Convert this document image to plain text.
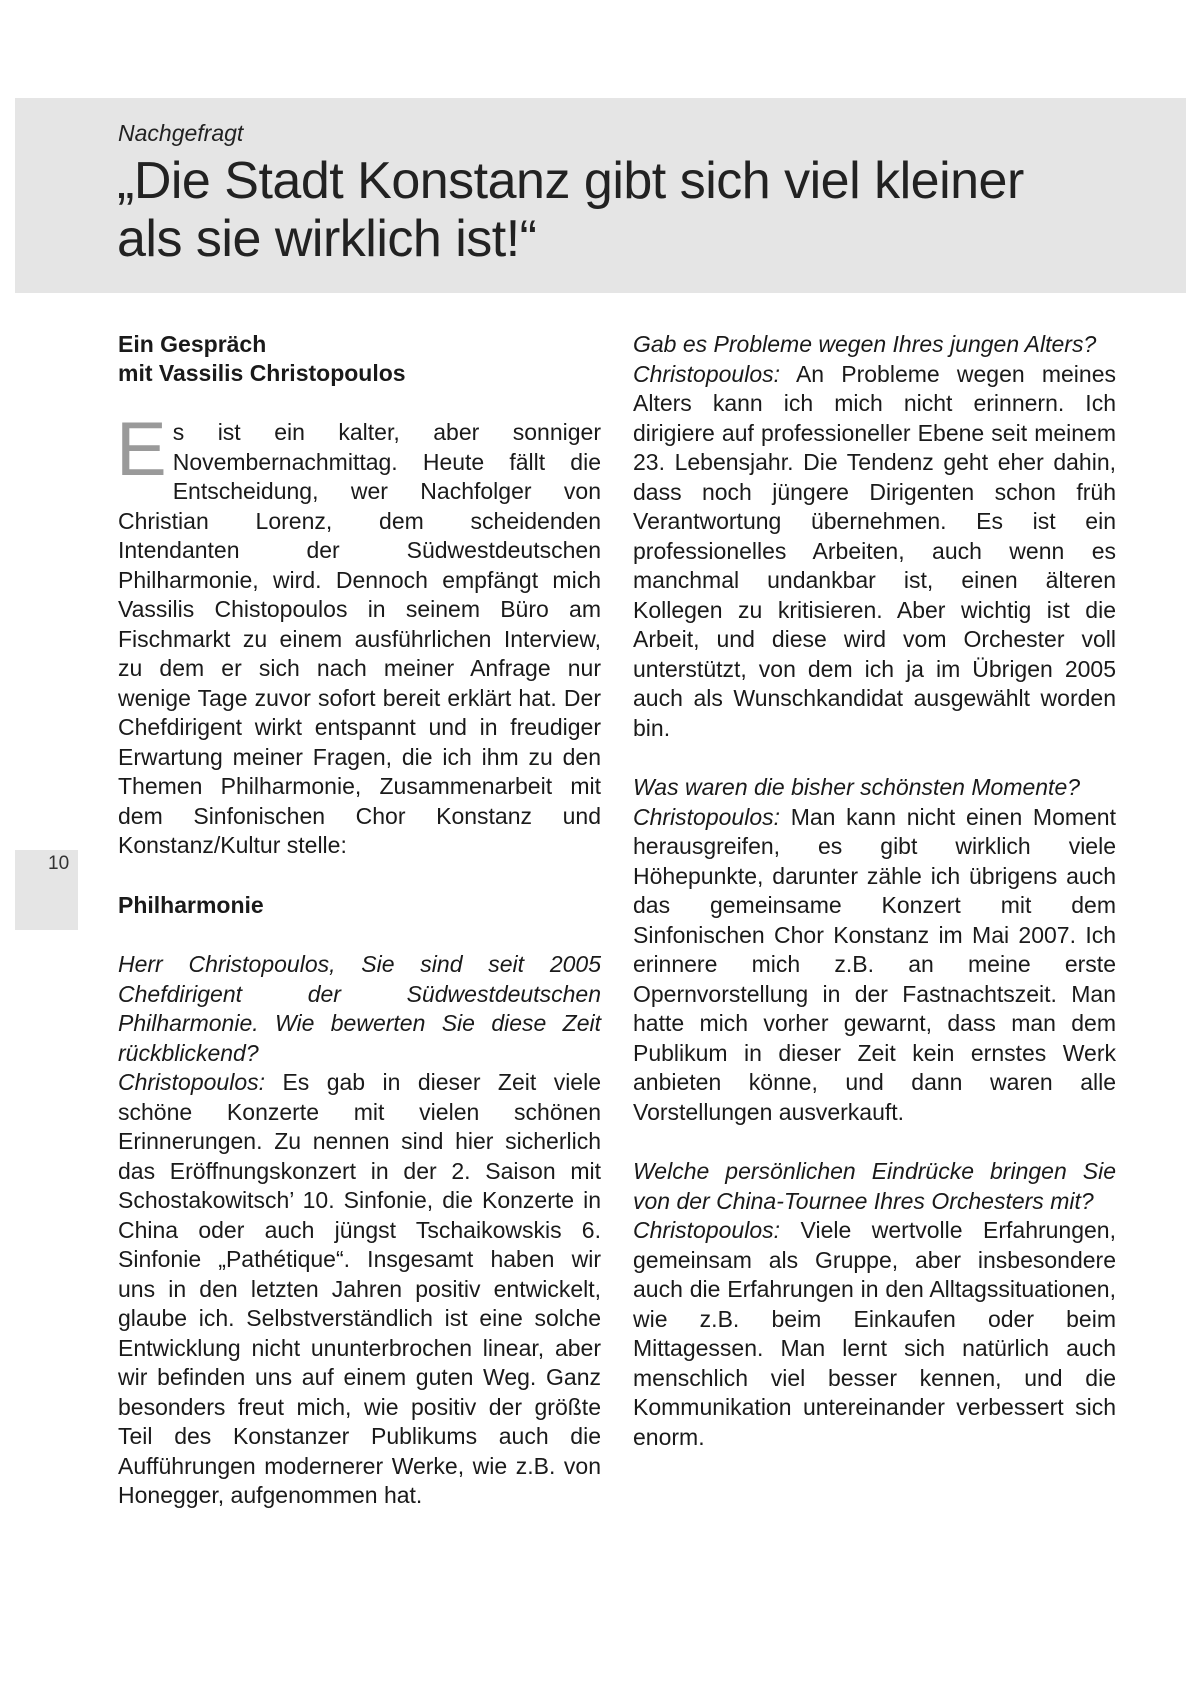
Nachgefragt
„Die Stadt Konstanz gibt sich viel kleiner als sie wirklich ist!“
10

Ein Gespräch

mit Vassilis Christopoulos

Es ist ein kalter, aber sonniger Novembernachmittag. Heute fällt die Entscheidung, wer Nachfolger von Christian Lorenz, dem scheidenden Intendanten der Südwestdeutschen Philharmonie, wird. Dennoch empfängt mich Vassilis Chistopoulos in seinem Büro am Fischmarkt zu einem ausführlichen Interview, zu dem er sich nach meiner Anfrage nur wenige Tage zuvor sofort bereit erklärt hat. Der Chefdirigent wirkt entspannt und in freudiger Erwartung meiner Fragen, die ich ihm zu den Themen Philharmonie, Zusammenarbeit mit dem Sinfonischen Chor Konstanz und Konstanz/Kultur stelle:

Philharmonie

Herr Christopoulos, Sie sind seit 2005 Chefdirigent der Südwestdeutschen Philharmonie. Wie bewerten Sie diese Zeit rückblickend?

Christopoulos: Es gab in dieser Zeit viele schöne Konzerte mit vielen schönen Erinnerungen. Zu nennen sind hier sicherlich das Eröffnungskonzert in der 2. Saison mit Schostakowitsch’ 10. Sinfonie, die Konzerte in China oder auch jüngst Tschaikowskis 6. Sinfonie „Pathétique“. Insgesamt haben wir uns in den letzten Jahren positiv entwickelt, glaube ich. Selbstverständlich ist eine solche Entwicklung nicht ununterbrochen linear, aber wir befinden uns auf einem guten Weg. Ganz besonders freut mich, wie positiv der größte Teil des Konstanzer Publikums auch die Aufführungen modernerer Werke, wie z.B. von Honegger, aufgenommen hat.

Gab es Probleme wegen Ihres jungen Alters?

Christopoulos: An Probleme wegen meines Alters kann ich mich nicht erinnern. Ich dirigiere auf professioneller Ebene seit meinem 23. Lebensjahr. Die Tendenz geht eher dahin, dass noch jüngere Dirigenten schon früh Verantwortung übernehmen. Es ist ein professionelles Arbeiten, auch wenn es manchmal undankbar ist, einen älteren Kollegen zu kritisieren. Aber wichtig ist die Arbeit, und diese wird vom Orchester voll unterstützt, von dem ich ja im Übrigen 2005 auch als Wunschkandidat ausgewählt worden bin.

Was waren die bisher schönsten Momente?

Christopoulos: Man kann nicht einen Moment herausgreifen, es gibt wirklich viele Höhepunkte, darunter zähle ich übrigens auch das gemeinsame Konzert mit dem Sinfonischen Chor Konstanz im Mai 2007. Ich erinnere mich z.B. an meine erste Opernvorstellung in der Fastnachtszeit. Man hatte mich vorher gewarnt, dass man dem Publikum in dieser Zeit kein ernstes Werk anbieten könne, und dann waren alle Vorstellungen ausverkauft.

Welche persönlichen Eindrücke bringen Sie von der China-Tournee Ihres Orchesters mit?

Christopoulos: Viele wertvolle Erfahrungen, gemeinsam als Gruppe, aber insbesondere auch die Erfahrungen in den Alltagssituationen, wie z.B. beim Einkaufen oder beim Mittagessen. Man lernt sich natürlich auch menschlich viel besser kennen, und die Kommunikation untereinander verbessert sich enorm.
